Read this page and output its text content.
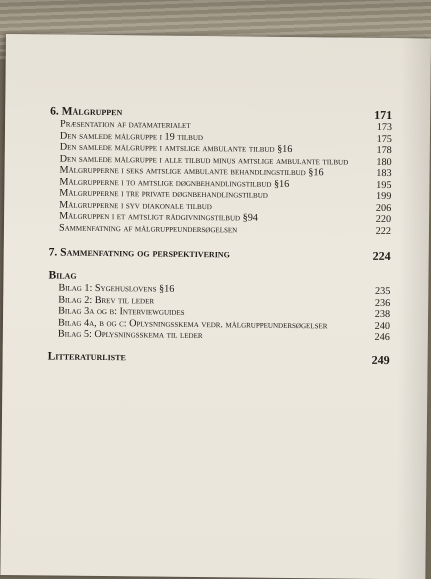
6. Målgruppen	171
Præsentation af datamaterialet	173
Den samlede målgruppe i 19 tilbud	175
Den samlede målgruppe i amtslige ambulante tilbud §16	178
Den samlede målgruppe i alle tilbud minus amtslige ambulante tilbud	180
Målgrupperne i seks amtslige ambulante behandlingstilbud §16	183
Målgrupperne i to amtslige døgnbehandlingstilbud §16	195
Målgrupperne i tre private døgnbehandlingstilbud	199
Målgrupperne i syv diakonale tilbud	206
Målgruppen i et amtsligt rådgivningstilbud §94	220
Sammenfatning af målgruppeundersøgelsen	222
7. Sammenfatning og perspektivering	224
Bilag
Bilag 1: Sygehuslovens §16	235
Bilag 2: Brev til leder	236
Bilag 3a og b: Interviewguides	238
Bilag 4a, b og c: Oplysningsskema vedr. målgruppeundersøgelser	240
Bilag 5: Oplysningsskema til leder	246
Litteraturliste	249
